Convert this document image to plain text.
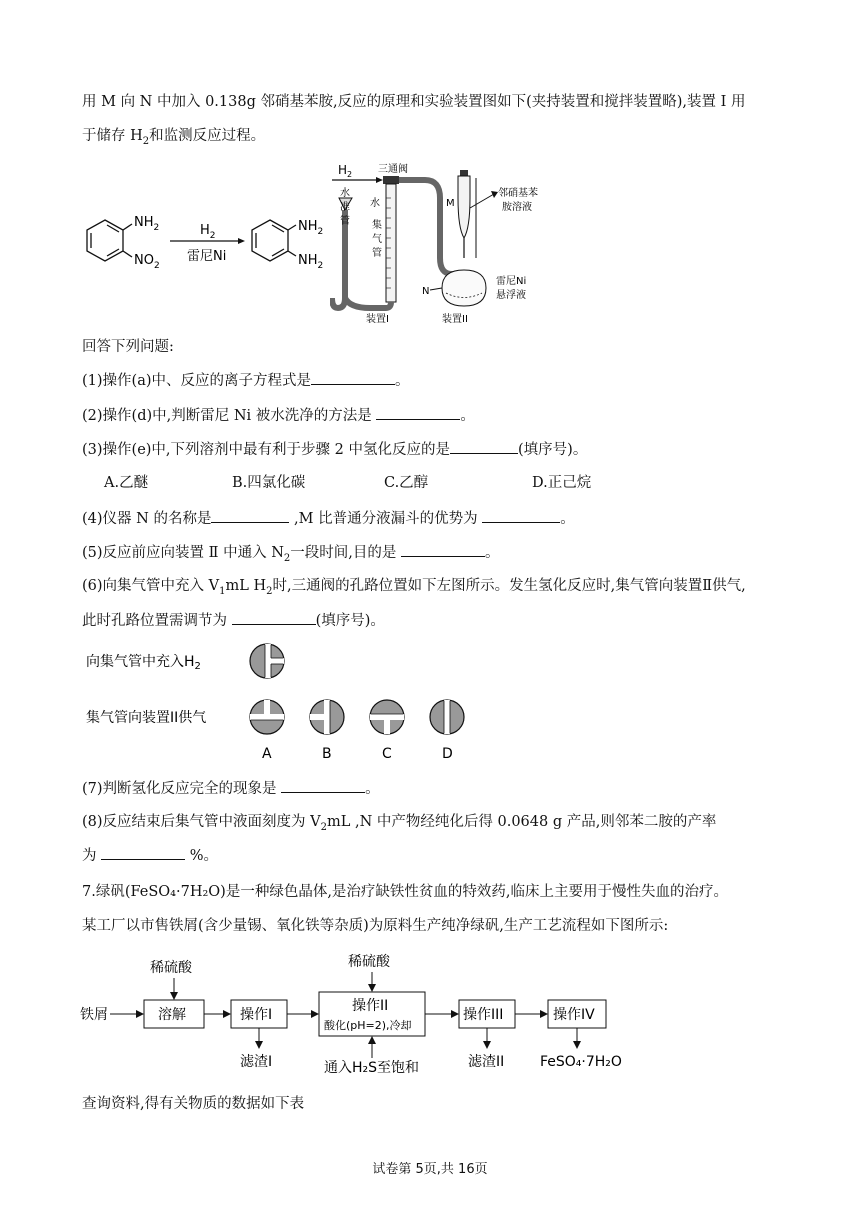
用 M 向 N 中加入 0.138g 邻硝基苯胺,反应的原理和实验装置图如下(夹持装置和搅拌装置略),装置 I 用
于储存 $H_2$和监测反应过程。
$NH_2$
$NO_2$
$H_2$
雷尼Ni
$NH_2$
$NH_2$
$H_2$	三通阀
水
准
管
水
集
气
管
M
邻硝基苯
胺溶液
N
雷尼Ni
悬浮液
装置I	装置II
回答下列问题:
(1)操作(a)中、反应的离子方程式是	。
(2)操作(d)中,判断雷尼 Ni 被水洗净的方法是	。
(3)操作(e)中,下列溶剂中最有利于步骤 2 中氢化反应的是	(填序号)。
A.乙醚	B.四氯化碳	C.乙醇	D.正己烷
(4)仪器 N 的名称是	,M 比普通分液漏斗的优势为	。
(5)反应前应向装置 Ⅱ 中通入 $N_2$一段时间,目的是	。
(6)向集气管中充入 $V_1mL$ $H_2$时,三通阀的孔路位置如下左图所示。发生氢化反应时,集气管向装置Ⅱ供气,
此时孔路位置需调节为	(填序号)。
向集气管中充入$H_2$
集气管向装置II供气
A	B	C	D
(7)判断氢化反应完全的现象是	。
(8)反应结束后集气管中液面刻度为 $V_2mL$ ,N 中产物经纯化后得 0.0648 g 产品,则邻苯二胺的产率
为	%。
7.绿矾(FeSO₄·7H₂O)是一种绿色晶体,是治疗缺铁性贫血的特效药,临床上主要用于慢性失血的治疗。
某工厂以市售铁屑(含少量锡、氧化铁等杂质)为原料生产纯净绿矾,生产工艺流程如下图所示:
稀硫酸	稀硫酸
铁屑	溶解	操作I
操作II
酸化(pH=2),冷却
操作III	操作IV
滤渣I	通入H₂S至饱和	滤渣II	FeSO₄·7H₂O
查询资料,得有关物质的数据如下表
试卷第 5页,共 16页
